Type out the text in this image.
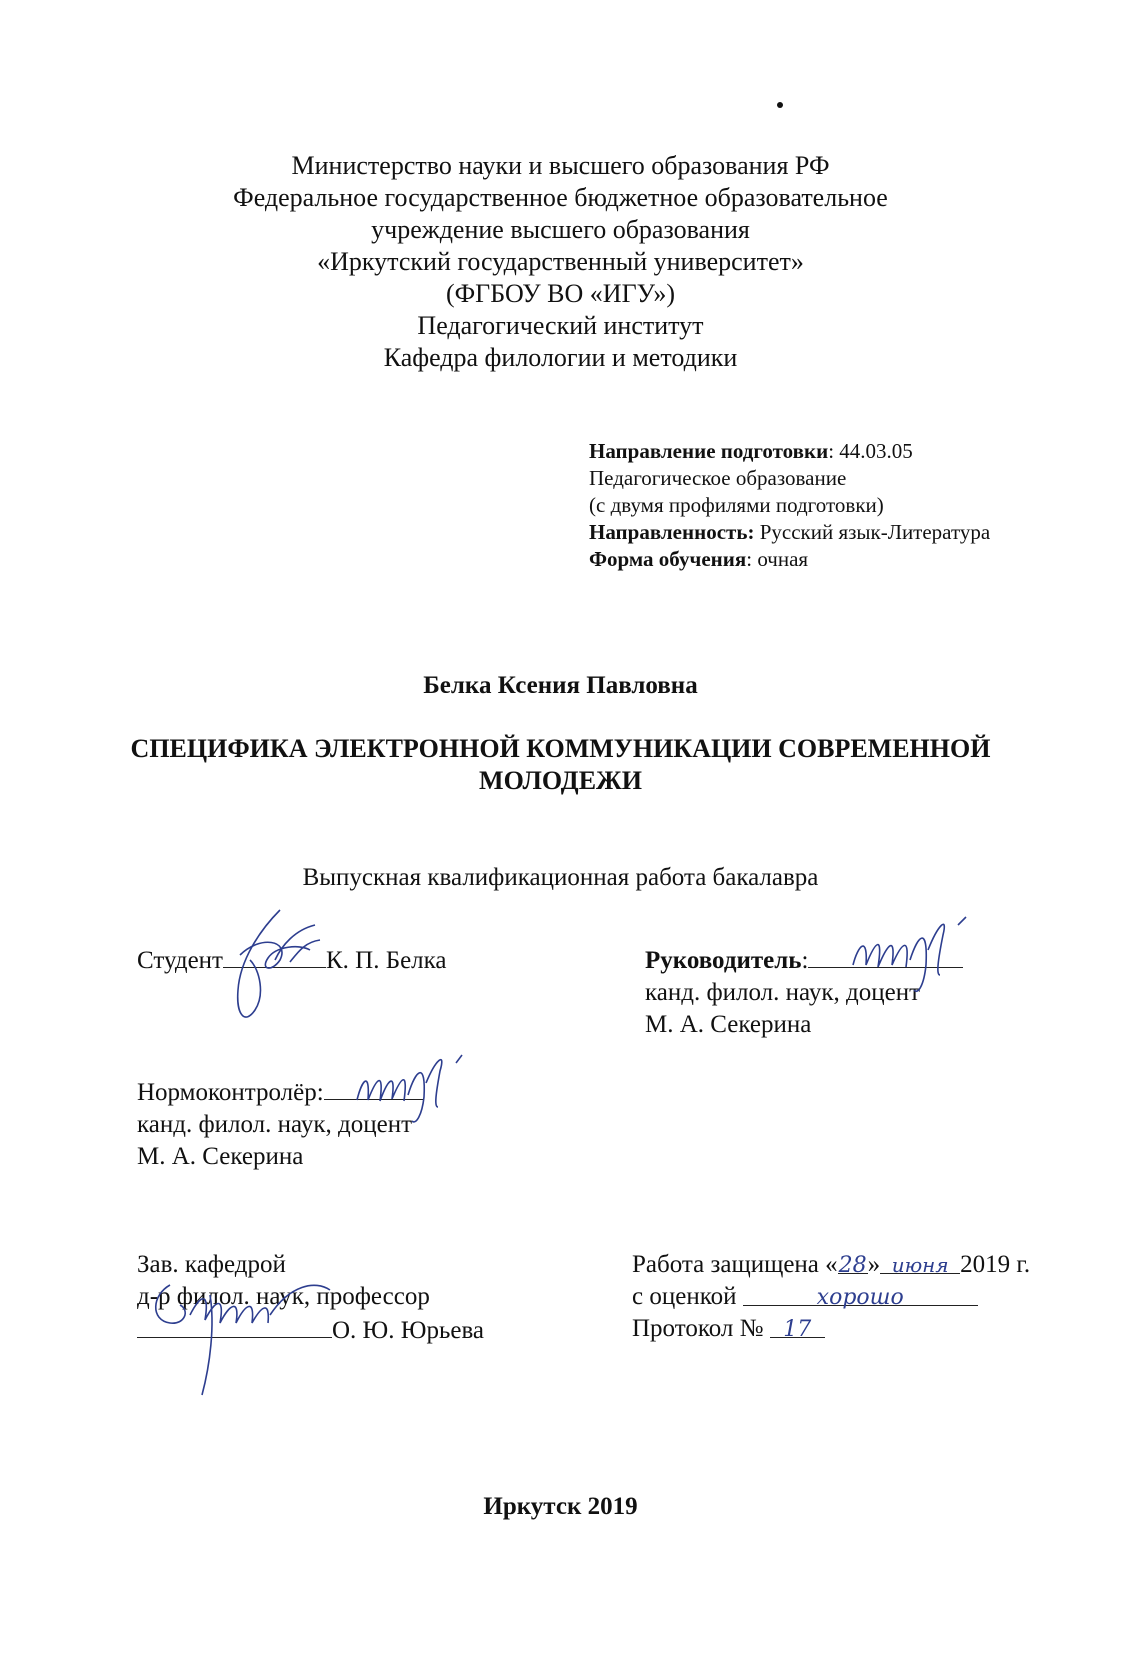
Министерство науки и высшего образования РФ
Федеральное государственное бюджетное образовательное
учреждение высшего образования
«Иркутский государственный университет»
(ФГБОУ ВО «ИГУ»)
Педагогический институт
Кафедра филологии и методики
Направление подготовки: 44.03.05
Педагогическое образование
(с двумя профилями подготовки)
Направленность: Русский язык-Литература
Форма обучения: очная
Белка Ксения Павловна
СПЕЦИФИКА ЭЛЕКТРОННОЙ КОММУНИКАЦИИ СОВРЕМЕННОЙ
МОЛОДЕЖИ
Выпускная квалификационная работа бакалавра
Студент	К. П. Белка	Руководитель:
канд. филол. наук, доцент
М. А. Секерина
Нормоконтролёр:
канд. филол. наук, доцент
М. А. Секерина
Зав. кафедрой
д-р филол. наук, профессор
О. Ю. Юрьева
Работа защищена «28» июня 2019 г.
с оценкой	хорошо
Протокол № 17
Иркутск 2019
